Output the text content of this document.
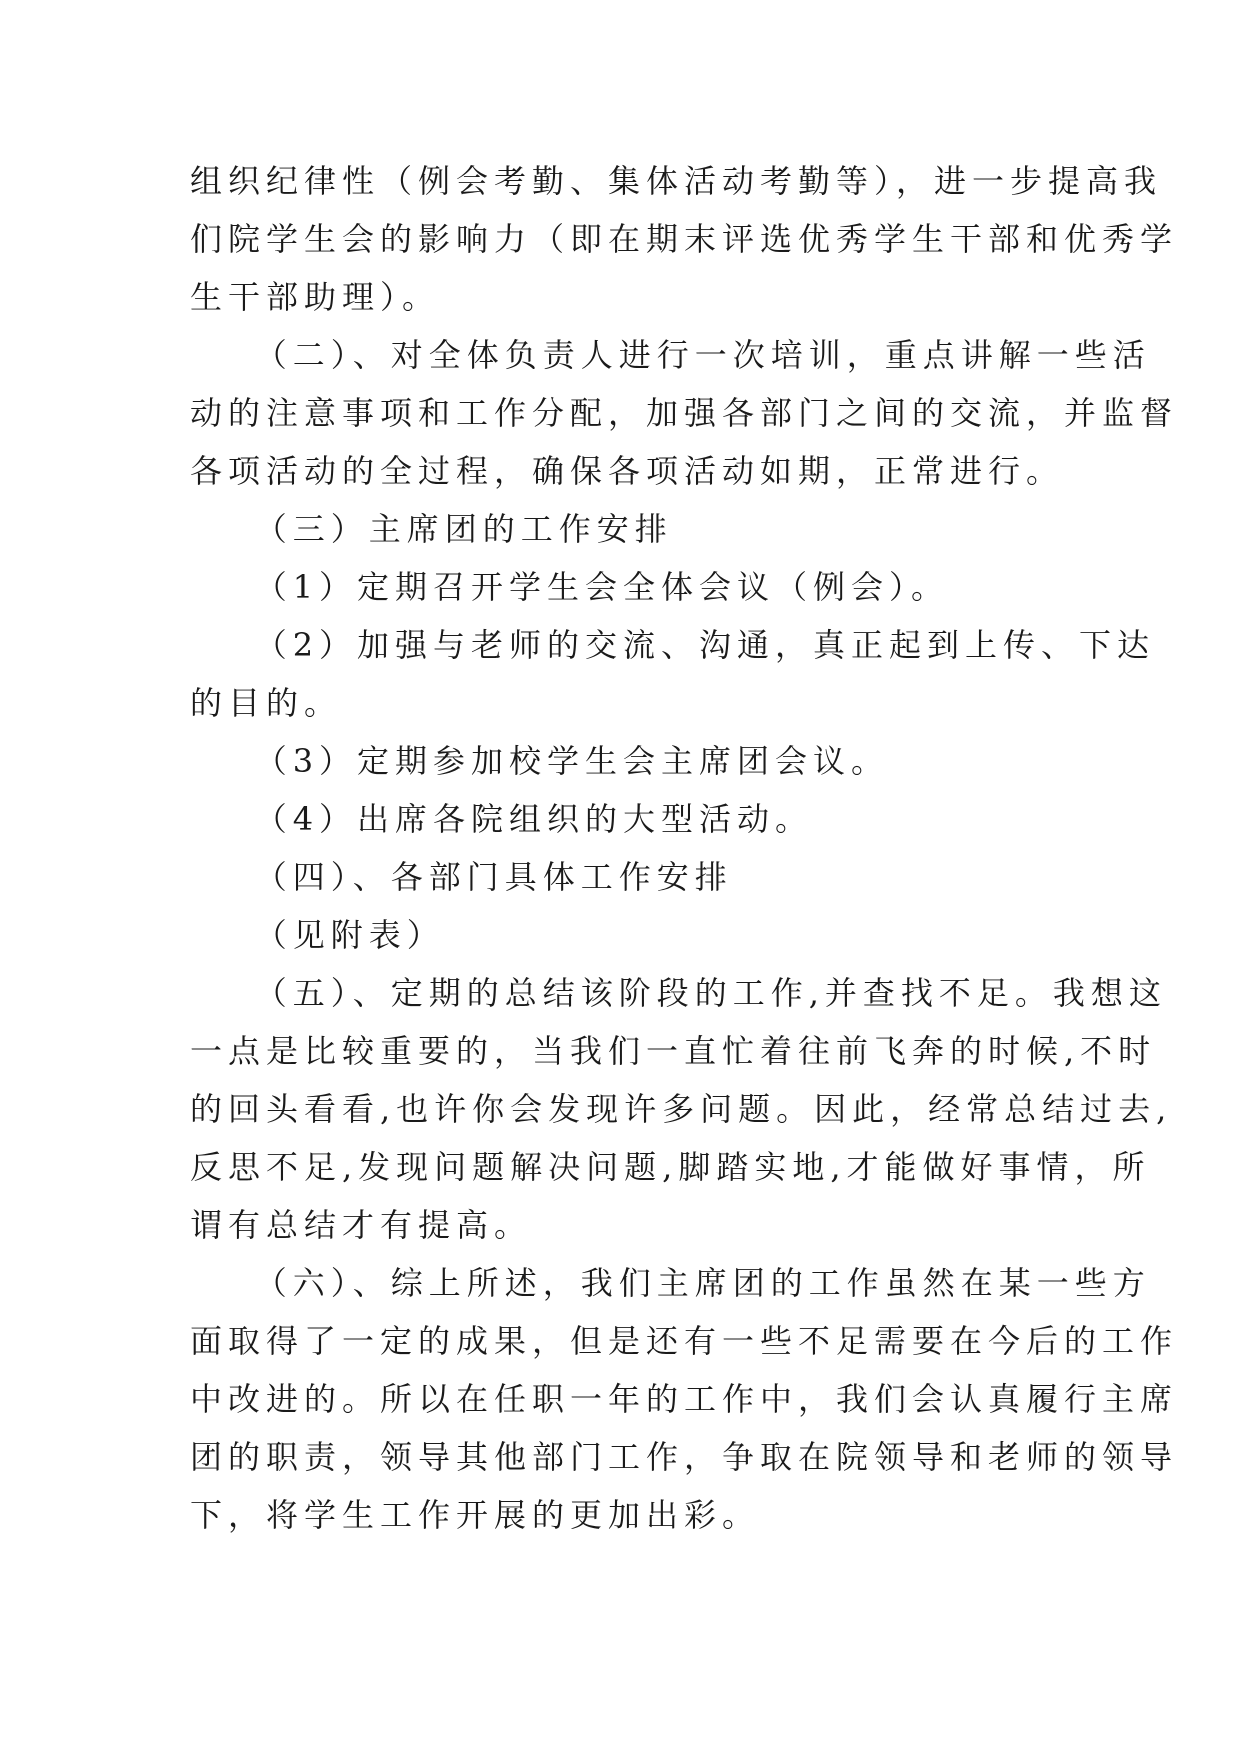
组织纪律性（例会考勤、集体活动考勤等），进一步提高我
们院学生会的影响力（即在期末评选优秀学生干部和优秀学
生干部助理）。
（二）、对全体负责人进行一次培训，重点讲解一些活
动的注意事项和工作分配，加强各部门之间的交流，并监督
各项活动的全过程，确保各项活动如期，正常进行。
（三）主席团的工作安排
（1）定期召开学生会全体会议（例会）。
（2）加强与老师的交流、沟通，真正起到上传、下达
的目的。
（3）定期参加校学生会主席团会议。
（4）出席各院组织的大型活动。
（四）、各部门具体工作安排
（见附表）
（五）、定期的总结该阶段的工作,并查找不足。我想这
一点是比较重要的，当我们一直忙着往前飞奔的时候,不时
的回头看看,也许你会发现许多问题。因此，经常总结过去,
反思不足,发现问题解决问题,脚踏实地,才能做好事情，所
谓有总结才有提高。
（六）、综上所述，我们主席团的工作虽然在某一些方
面取得了一定的成果，但是还有一些不足需要在今后的工作
中改进的。所以在任职一年的工作中，我们会认真履行主席
团的职责，领导其他部门工作，争取在院领导和老师的领导
下，将学生工作开展的更加出彩。
